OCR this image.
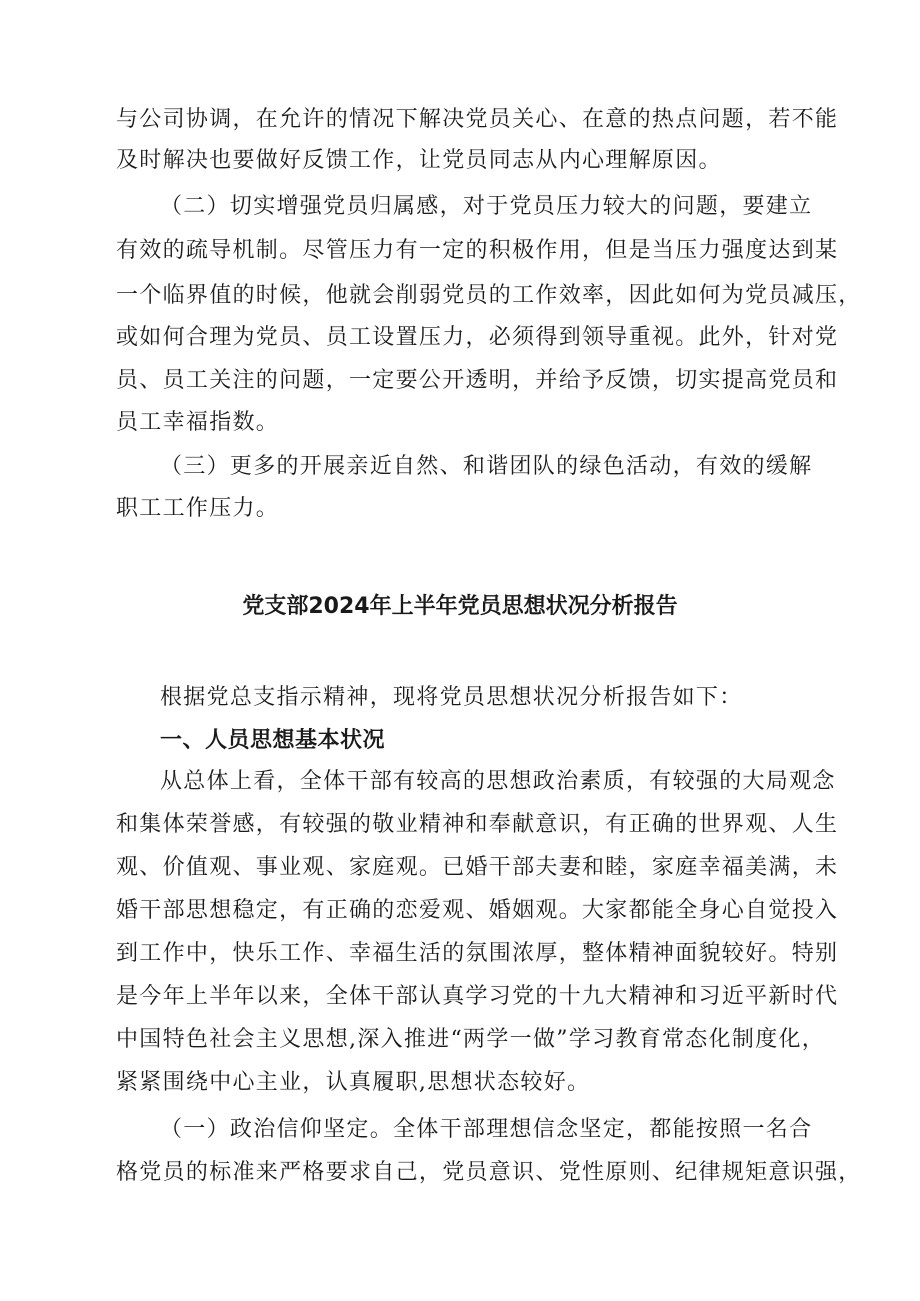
与公司协调，在允许的情况下解决党员关心、在意的热点问题，若不能
及时解决也要做好反馈工作，让党员同志从内心理解原因。
（二）切实增强党员归属感，对于党员压力较大的问题，要建立
有效的疏导机制。尽管压力有一定的积极作用，但是当压力强度达到某
一个临界值的时候，他就会削弱党员的工作效率，因此如何为党员减压，
或如何合理为党员、员工设置压力，必须得到领导重视。此外，针对党
员、员工关注的问题，一定要公开透明，并给予反馈，切实提高党员和
员工幸福指数。
（三）更多的开展亲近自然、和谐团队的绿色活动，有效的缓解
职工工作压力。
党支部2024年上半年党员思想状况分析报告
根据党总支指示精神，现将党员思想状况分析报告如下：
一、人员思想基本状况
从总体上看，全体干部有较高的思想政治素质，有较强的大局观念
和集体荣誉感，有较强的敬业精神和奉献意识，有正确的世界观、人生
观、价值观、事业观、家庭观。已婚干部夫妻和睦，家庭幸福美满，未
婚干部思想稳定，有正确的恋爱观、婚姻观。大家都能全身心自觉投入
到工作中，快乐工作、幸福生活的氛围浓厚，整体精神面貌较好。特别
是今年上半年以来，全体干部认真学习党的十九大精神和习近平新时代
中国特色社会主义思想,深入推进“两学一做”学习教育常态化制度化，
紧紧围绕中心主业，认真履职,思想状态较好。
（一）政治信仰坚定。全体干部理想信念坚定，都能按照一名合
格党员的标准来严格要求自己，党员意识、党性原则、纪律规矩意识强，
